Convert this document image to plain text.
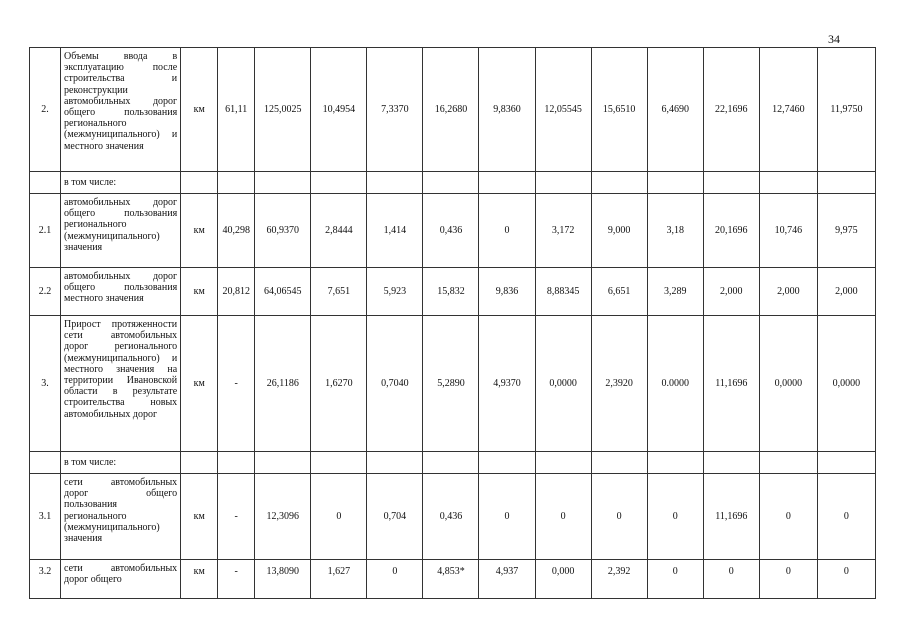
34
2.	Объемы ввода в эксплуатацию после строительства и реконструкции автомобильных дорог общего пользования регионального (межмуниципального) и местного значения	км	61,11	125,0025	10,4954	7,3370	16,2680	9,8360	12,05545	15,6510	6,4690	22,1696	12,7460	11,9750
	в том числе:													
2.1	автомобильных дорог общего пользования регионального (межмуниципального) значения	км	40,298	60,9370	2,8444	1,414	0,436	0	3,172	9,000	3,18	20,1696	10,746	9,975
2.2	автомобильных дорог общего пользования местного значения	км	20,812	64,06545	7,651	5,923	15,832	9,836	8,88345	6,651	3,289	2,000	2,000	2,000
3.	Прирост протяженности сети автомобильных дорог регионального (межмуниципального) и местного значения на территории Ивановской области в результате строительства новых автомобильных дорог	км	-	26,1186	1,6270	0,7040	5,2890	4,9370	0,0000	2,3920	0.0000	11,1696	0,0000	0,0000
	в том числе:													
3.1	сети автомобильных дорог общего пользования регионального (межмуниципального) значения	км	-	12,3096	0	0,704	0,436	0	0	0	0	11,1696	0	0
3.2	сети автомобильных дорог общего	км	-	13,8090	1,627	0	4,853*	4,937	0,000	2,392	0	0	0	0
